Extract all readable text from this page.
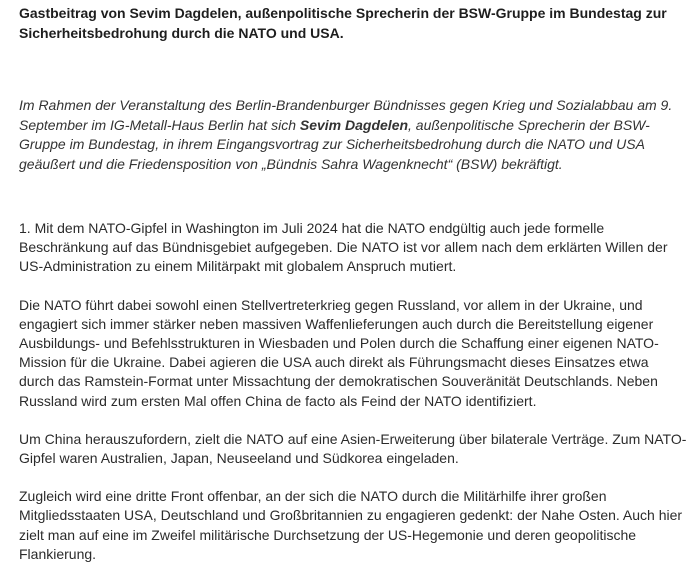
Gastbeitrag von Sevim Dagdelen, außenpolitische Sprecherin der BSW-Gruppe im Bundestag zur Sicherheitsbedrohung durch die NATO und USA.

Im Rahmen der Veranstaltung des Berlin-Brandenburger Bündnisses gegen Krieg und Sozialabbau am 9. September im IG-Metall-Haus Berlin hat sich Sevim Dagdelen, außenpolitische Sprecherin der BSW-Gruppe im Bundestag, in ihrem Eingangsvortrag zur Sicherheitsbedrohung durch die NATO und USA geäußert und die Friedensposition von „Bündnis Sahra Wagenknecht“ (BSW) bekräftigt.

1. Mit dem NATO-Gipfel in Washington im Juli 2024 hat die NATO endgültig auch jede formelle Beschränkung auf das Bündnisgebiet aufgegeben. Die NATO ist vor allem nach dem erklärten Willen der US-Administration zu einem Militärpakt mit globalem Anspruch mutiert.

Die NATO führt dabei sowohl einen Stellvertreterkrieg gegen Russland, vor allem in der Ukraine, und engagiert sich immer stärker neben massiven Waffenlieferungen auch durch die Bereitstellung eigener Ausbildungs- und Befehlsstrukturen in Wiesbaden und Polen durch die Schaffung einer eigenen NATO-Mission für die Ukraine. Dabei agieren die USA auch direkt als Führungsmacht dieses Einsatzes etwa durch das Ramstein-Format unter Missachtung der demokratischen Souveränität Deutschlands. Neben Russland wird zum ersten Mal offen China de facto als Feind der NATO identifiziert.

Um China herauszufordern, zielt die NATO auf eine Asien-Erweiterung über bilaterale Verträge. Zum NATO-Gipfel waren Australien, Japan, Neuseeland und Südkorea eingeladen.

Zugleich wird eine dritte Front offenbar, an der sich die NATO durch die Militärhilfe ihrer großen Mitgliedsstaaten USA, Deutschland und Großbritannien zu engagieren gedenkt: der Nahe Osten. Auch hier zielt man auf eine im Zweifel militärische Durchsetzung der US-Hegemonie und deren geopolitische Flankierung.
